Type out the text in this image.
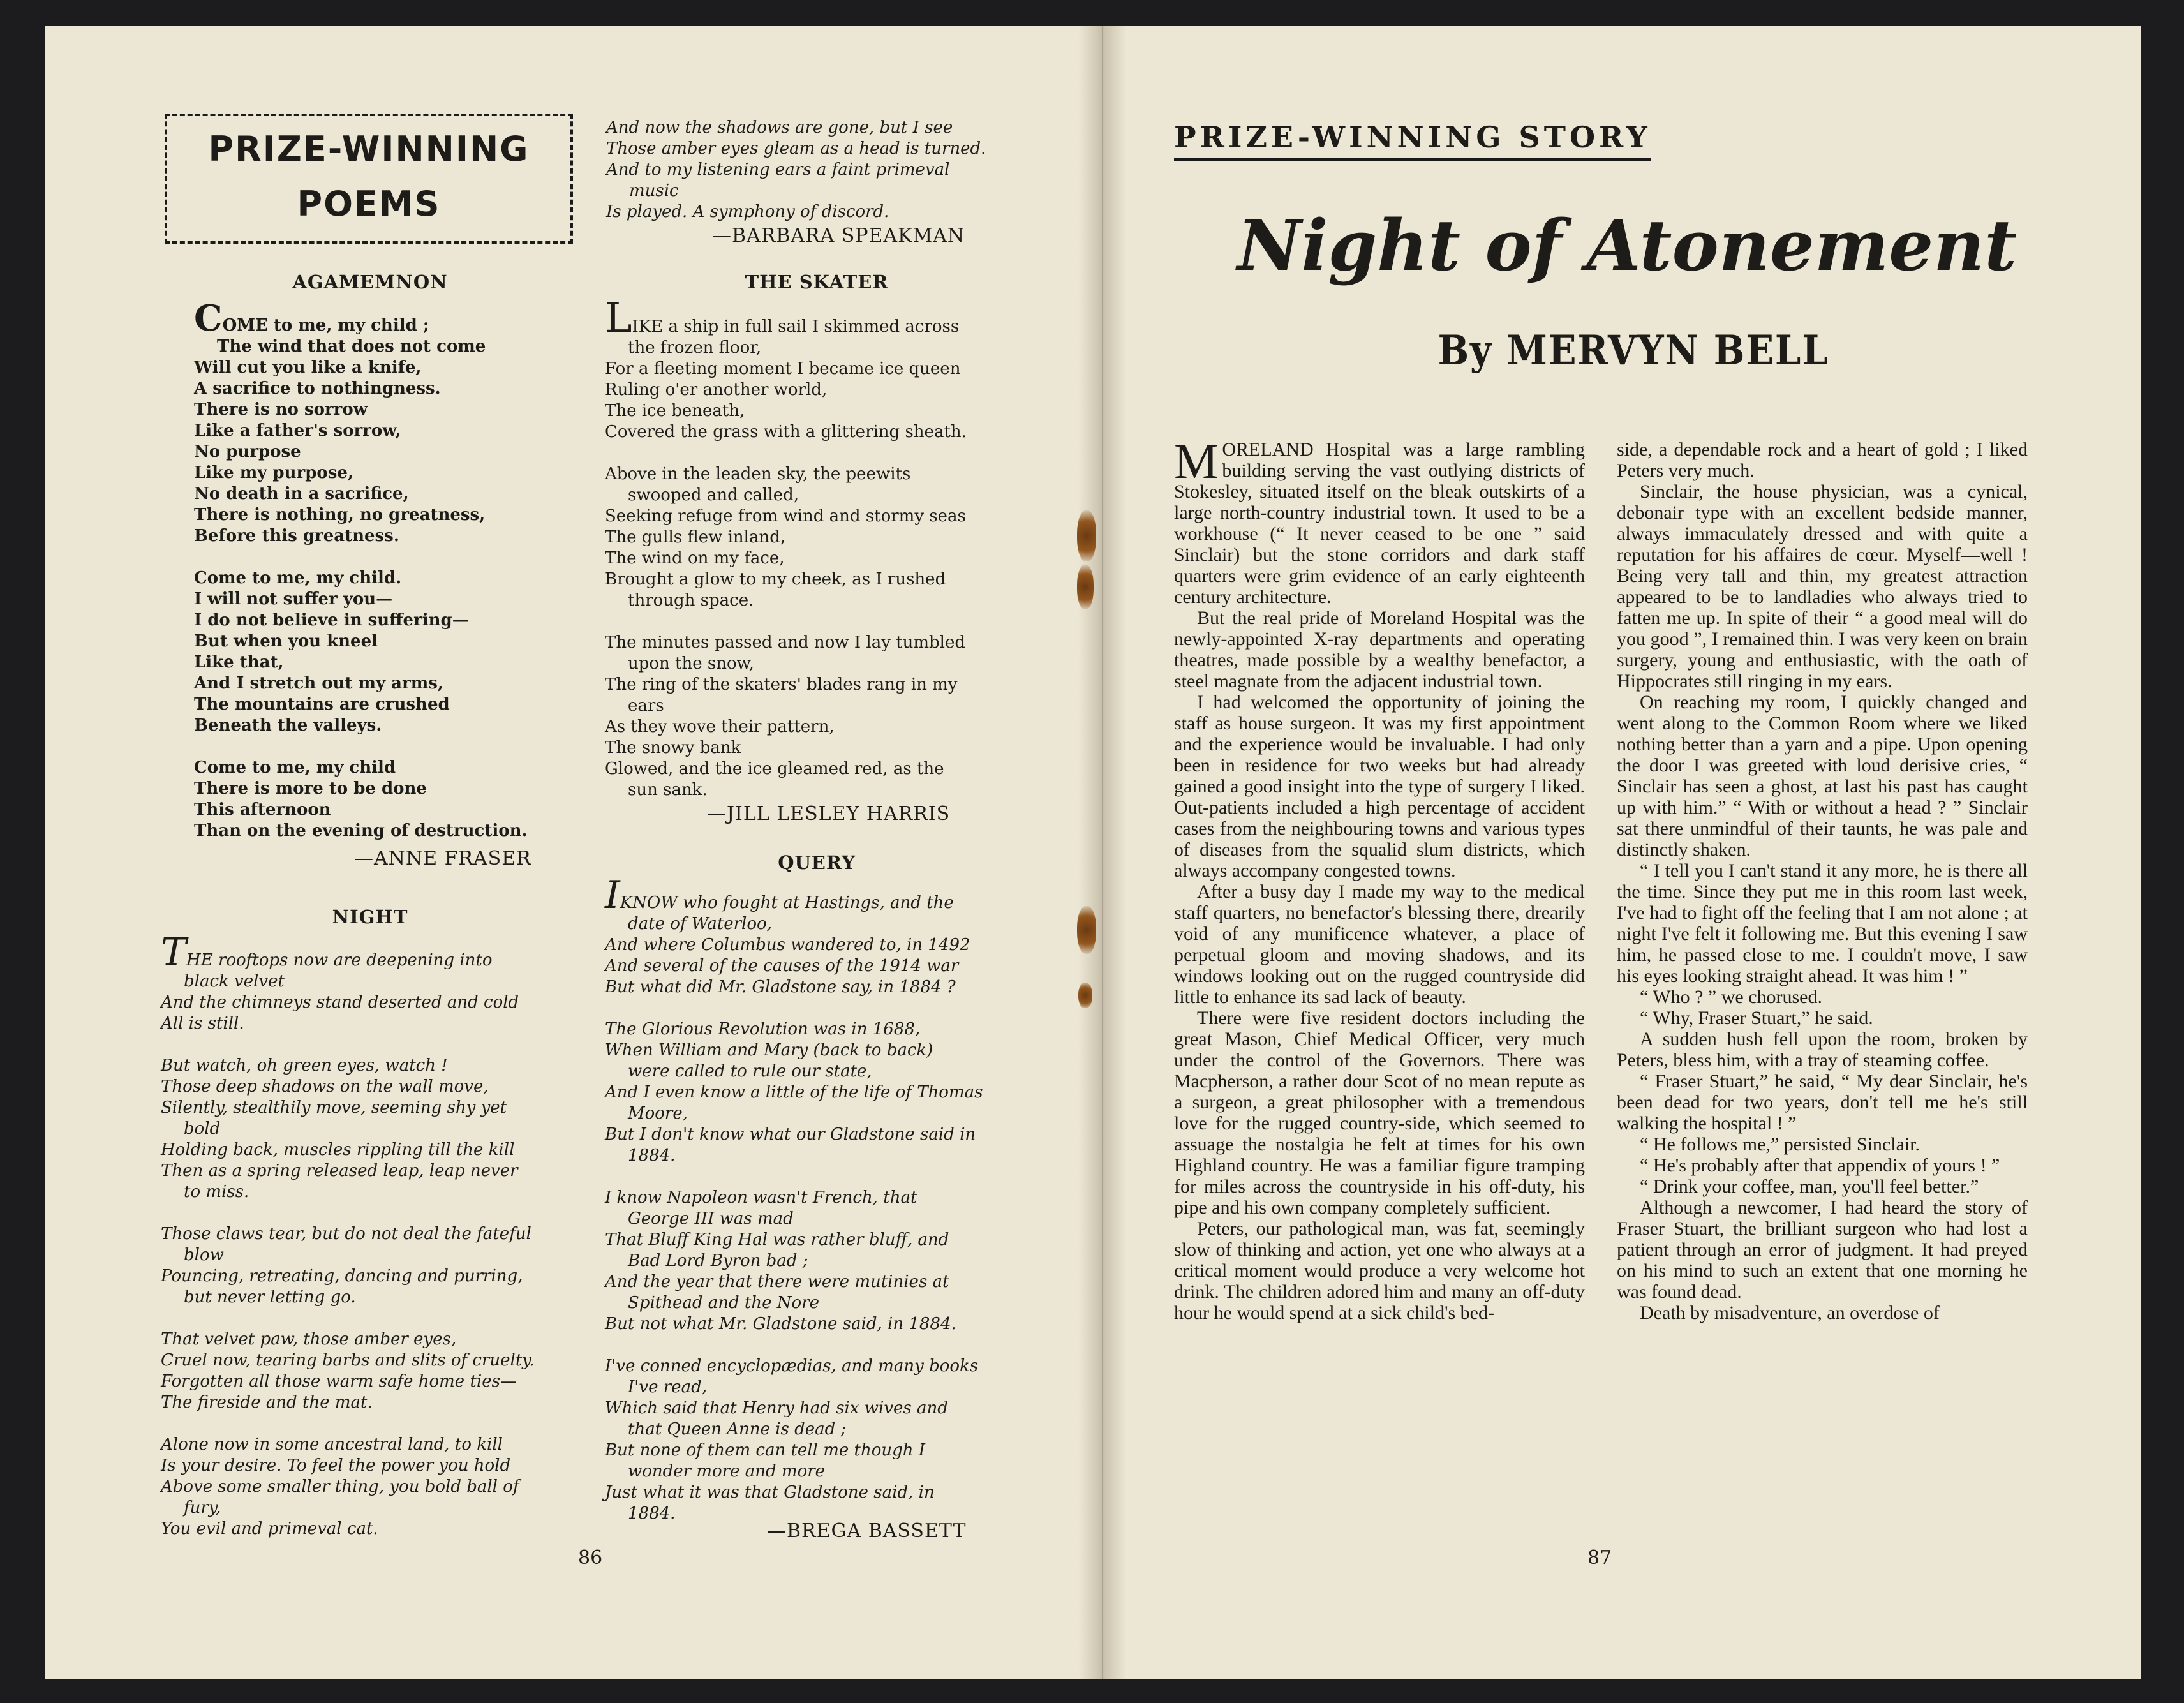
PRIZE-WINNING
POEMS
AGAMEMNON
COME to me, my child ;
The wind that does not come
Will cut you like a knife,
A sacrifice to nothingness.
There is no sorrow
Like a father's sorrow,
No purpose
Like my purpose,
No death in a sacrifice,
There is nothing, no greatness,
Before this greatness.

Come to me, my child.
I will not suffer you—
I do not believe in suffering—
But when you kneel
Like that,
And I stretch out my arms,
The mountains are crushed
Beneath the valleys.

Come to me, my child
There is more to be done
This afternoon
Than on the evening of destruction.
—ANNE FRASER
NIGHT
THE rooftops now are deepening into
black velvet
And the chimneys stand deserted and cold
All is still.

But watch, oh green eyes, watch !
Those deep shadows on the wall move,
Silently, stealthily move, seeming shy yet
bold
Holding back, muscles rippling till the kill
Then as a spring released leap, leap never
to miss.

Those claws tear, but do not deal the fateful
blow
Pouncing, retreating, dancing and purring,
but never letting go.

That velvet paw, those amber eyes,
Cruel now, tearing barbs and slits of cruelty.
Forgotten all those warm safe home ties—
The fireside and the mat.

Alone now in some ancestral land, to kill
Is your desire. To feel the power you hold
Above some smaller thing, you bold ball of
fury,
You evil and primeval cat.
And now the shadows are gone, but I see
Those amber eyes gleam as a head is turned.
And to my listening ears a faint primeval
music
Is played. A symphony of discord.
—BARBARA SPEAKMAN
THE SKATER
LIKE a ship in full sail I skimmed across
the frozen floor,
For a fleeting moment I became ice queen
Ruling o'er another world,
The ice beneath,
Covered the grass with a glittering sheath.

Above in the leaden sky, the peewits
swooped and called,
Seeking refuge from wind and stormy seas
The gulls flew inland,
The wind on my face,
Brought a glow to my cheek, as I rushed
through space.

The minutes passed and now I lay tumbled
upon the snow,
The ring of the skaters' blades rang in my
ears
As they wove their pattern,
The snowy bank
Glowed, and the ice gleamed red, as the
sun sank.
—JILL LESLEY HARRIS
QUERY
IKNOW who fought at Hastings, and the
date of Waterloo,
And where Columbus wandered to, in 1492
And several of the causes of the 1914 war
But what did Mr. Gladstone say, in 1884 ?

The Glorious Revolution was in 1688,
When William and Mary (back to back)
were called to rule our state,
And I even know a little of the life of Thomas
Moore,
But I don't know what our Gladstone said in
1884.

I know Napoleon wasn't French, that
George III was mad
That Bluff King Hal was rather bluff, and
Bad Lord Byron bad ;
And the year that there were mutinies at
Spithead and the Nore
But not what Mr. Gladstone said, in 1884.

I've conned encyclopædias, and many books
I've read,
Which said that Henry had six wives and
that Queen Anne is dead ;
But none of them can tell me though I
wonder more and more
Just what it was that Gladstone said, in
1884.
—BREGA BASSETT
86
PRIZE-WINNING STORY
Night of Atonement
By MERVYN BELL

MORELAND Hospital was a large rambling building serving the vast outlying districts of Stokesley, situated itself on the bleak outskirts of a large north-country industrial town. It used to be a workhouse (“ It never ceased to be one ” said Sinclair) but the stone corridors and dark staff quarters were grim evidence of an early eighteenth century architecture.

But the real pride of Moreland Hospital was the newly-appointed X-ray departments and operating theatres, made possible by a wealthy benefactor, a steel magnate from the adjacent industrial town.

I had welcomed the opportunity of joining the staff as house surgeon. It was my first appointment and the experience would be invaluable. I had only been in residence for two weeks but had already gained a good insight into the type of surgery I liked. Out-patients included a high percentage of accident cases from the neighbouring towns and various types of diseases from the squalid slum districts, which always accompany congested towns.

After a busy day I made my way to the medical staff quarters, no benefactor's blessing there, drearily void of any munificence whatever, a place of perpetual gloom and moving shadows, and its windows looking out on the rugged countryside did little to enhance its sad lack of beauty.

There were five resident doctors including the great Mason, Chief Medical Officer, very much under the control of the Governors. There was Macpherson, a rather dour Scot of no mean repute as a surgeon, a great philosopher with a tremendous love for the rugged country-side, which seemed to assuage the nostalgia he felt at times for his own Highland country. He was a familiar figure tramping for miles across the countryside in his off-duty, his pipe and his own company completely sufficient.

Peters, our pathological man, was fat, seemingly slow of thinking and action, yet one who always at a critical moment would produce a very welcome hot drink. The children adored him and many an off-duty hour he would spend at a sick child's bed-

side, a dependable rock and a heart of gold ; I liked Peters very much.

Sinclair, the house physician, was a cynical, debonair type with an excellent bedside manner, always immaculately dressed and with quite a reputation for his affaires de cœur. Myself—well ! Being very tall and thin, my greatest attraction appeared to be to landladies who always tried to fatten me up. In spite of their “ a good meal will do you good ”, I remained thin. I was very keen on brain surgery, young and enthusiastic, with the oath of Hippocrates still ringing in my ears.

On reaching my room, I quickly changed and went along to the Common Room where we liked nothing better than a yarn and a pipe. Upon opening the door I was greeted with loud derisive cries, “ Sinclair has seen a ghost, at last his past has caught up with him.” “ With or without a head ? ” Sinclair sat there unmindful of their taunts, he was pale and distinctly shaken.

“ I tell you I can't stand it any more, he is there all the time. Since they put me in this room last week, I've had to fight off the feeling that I am not alone ; at night I've felt it following me. But this evening I saw him, he passed close to me. I couldn't move, I saw his eyes looking straight ahead. It was him ! ”

“ Who ? ” we chorused.

“ Why, Fraser Stuart,” he said.

A sudden hush fell upon the room, broken by Peters, bless him, with a tray of steaming coffee.

“ Fraser Stuart,” he said, “ My dear Sinclair, he's been dead for two years, don't tell me he's still walking the hospital ! ”

“ He follows me,” persisted Sinclair.

“ He's probably after that appendix of yours ! ”

“ Drink your coffee, man, you'll feel better.”

Although a newcomer, I had heard the story of Fraser Stuart, the brilliant surgeon who had lost a patient through an error of judgment. It had preyed on his mind to such an extent that one morning he was found dead.

Death by misadventure, an overdose of

87
